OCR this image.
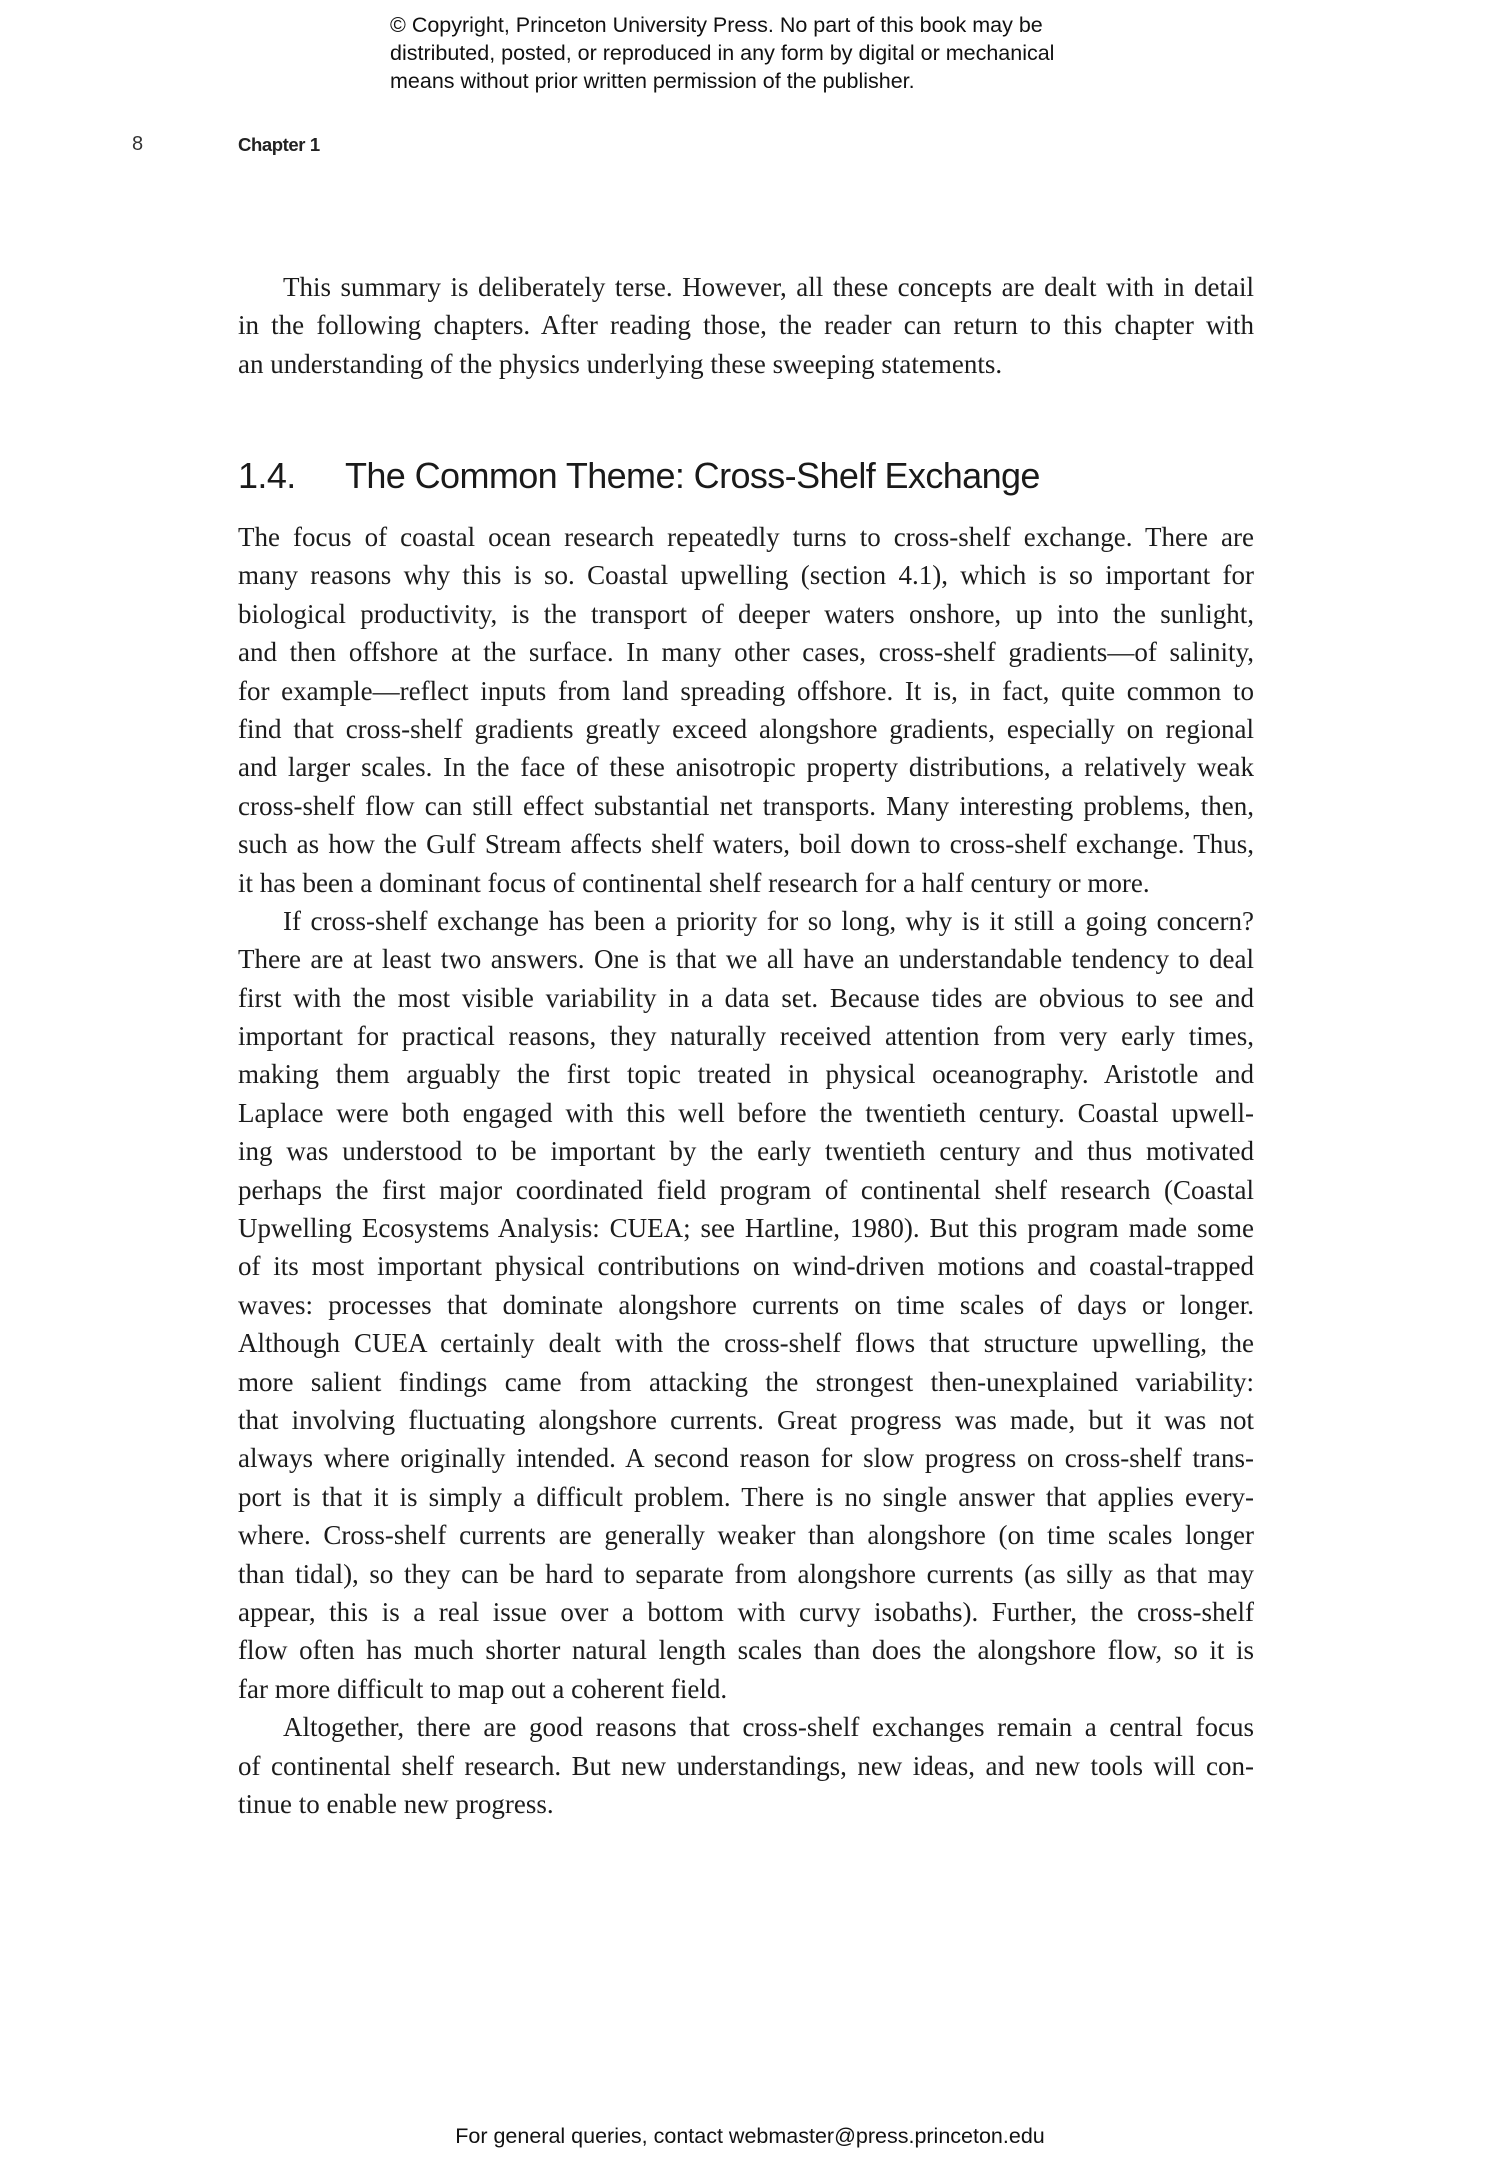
© Copyright, Princeton University Press. No part of this book may be
distributed, posted, or reproduced in any form by digital or mechanical
means without prior written permission of the publisher.
8	Chapter 1
This summary is deliberately terse. However, all these concepts are dealt with in detail
in the following chapters. After reading those, the reader can return to this chapter with
an understanding of the physics underlying these sweeping statements.
1.4. The Common Theme: Cross-Shelf Exchange
The focus of coastal ocean research repeatedly turns to cross-shelf exchange. There are
many reasons why this is so. Coastal upwelling (section 4.1), which is so important for
biological productivity, is the transport of deeper waters onshore, up into the sunlight,
and then offshore at the surface. In many other cases, cross-shelf gradients—of salinity,
for example—reflect inputs from land spreading offshore. It is, in fact, quite common to
find that cross-shelf gradients greatly exceed alongshore gradients, especially on regional
and larger scales. In the face of these anisotropic property distributions, a relatively weak
cross-shelf flow can still effect substantial net transports. Many interesting problems, then,
such as how the Gulf Stream affects shelf waters, boil down to cross-shelf exchange. Thus,
it has been a dominant focus of continental shelf research for a half century or more.
If cross-shelf exchange has been a priority for so long, why is it still a going concern?
There are at least two answers. One is that we all have an understandable tendency to deal
first with the most visible variability in a data set. Because tides are obvious to see and
important for practical reasons, they naturally received attention from very early times,
making them arguably the first topic treated in physical oceanography. Aristotle and
Laplace were both engaged with this well before the twentieth century. Coastal upwell-
ing was understood to be important by the early twentieth century and thus motivated
perhaps the first major coordinated field program of continental shelf research (Coastal
Upwelling Ecosystems Analysis: CUEA; see Hartline, 1980). But this program made some
of its most important physical contributions on wind-driven motions and coastal-trapped
waves: processes that dominate alongshore currents on time scales of days or longer.
Although CUEA certainly dealt with the cross-shelf flows that structure upwelling, the
more salient findings came from attacking the strongest then-unexplained variability:
that involving fluctuating alongshore currents. Great progress was made, but it was not
always where originally intended. A second reason for slow progress on cross-shelf trans-
port is that it is simply a difficult problem. There is no single answer that applies every-
where. Cross-shelf currents are generally weaker than alongshore (on time scales longer
than tidal), so they can be hard to separate from alongshore currents (as silly as that may
appear, this is a real issue over a bottom with curvy isobaths). Further, the cross-shelf
flow often has much shorter natural length scales than does the alongshore flow, so it is
far more difficult to map out a coherent field.
Altogether, there are good reasons that cross-shelf exchanges remain a central focus
of continental shelf research. But new understandings, new ideas, and new tools will con-
tinue to enable new progress.
For general queries, contact webmaster@press.princeton.edu
